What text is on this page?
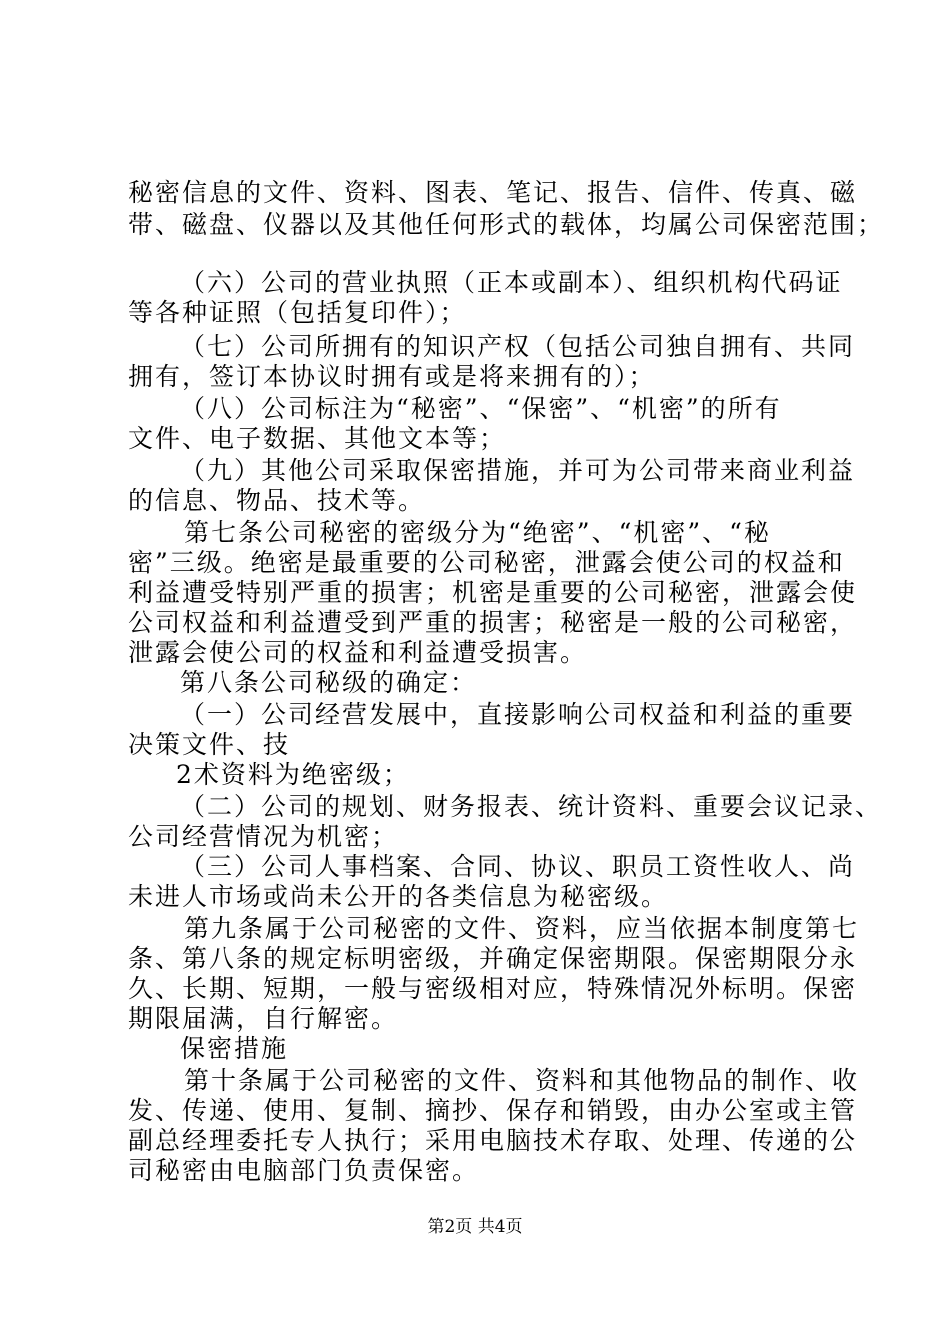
秘密信息的文件、资料、图表、笔记、报告、信件、传真、磁
带、磁盘、仪器以及其他任何形式的载体，均属公司保密范围；
（六）公司的营业执照（正本或副本）、组织机构代码证
等各种证照（包括复印件）；
（七）公司所拥有的知识产权（包括公司独自拥有、共同
拥有，签订本协议时拥有或是将来拥有的）；
（八）公司标注为“秘密”、“保密”、“机密”的所有
文件、电子数据、其他文本等；
（九）其他公司采取保密措施，并可为公司带来商业利益
的信息、物品、技术等。
第七条公司秘密的密级分为“绝密”、“机密”、“秘
密”三级。绝密是最重要的公司秘密，泄露会使公司的权益和
利益遭受特别严重的损害；机密是重要的公司秘密，泄露会使
公司权益和利益遭受到严重的损害；秘密是一般的公司秘密，
泄露会使公司的权益和利益遭受损害。
第八条公司秘级的确定：
（一）公司经营发展中，直接影响公司权益和利益的重要
决策文件、技
2术资料为绝密级；
（二）公司的规划、财务报表、统计资料、重要会议记录、
公司经营情况为机密；
（三）公司人事档案、合同、协议、职员工资性收人、尚
未进人市场或尚未公开的各类信息为秘密级。
第九条属于公司秘密的文件、资料，应当依据本制度第七
条、第八条的规定标明密级，并确定保密期限。保密期限分永
久、长期、短期，一般与密级相对应，特殊情况外标明。保密
期限届满，自行解密。
保密措施
第十条属于公司秘密的文件、资料和其他物品的制作、收
发、传递、使用、复制、摘抄、保存和销毁，由办公室或主管
副总经理委托专人执行；采用电脑技术存取、处理、传递的公
司秘密由电脑部门负责保密。
第2页 共4页
